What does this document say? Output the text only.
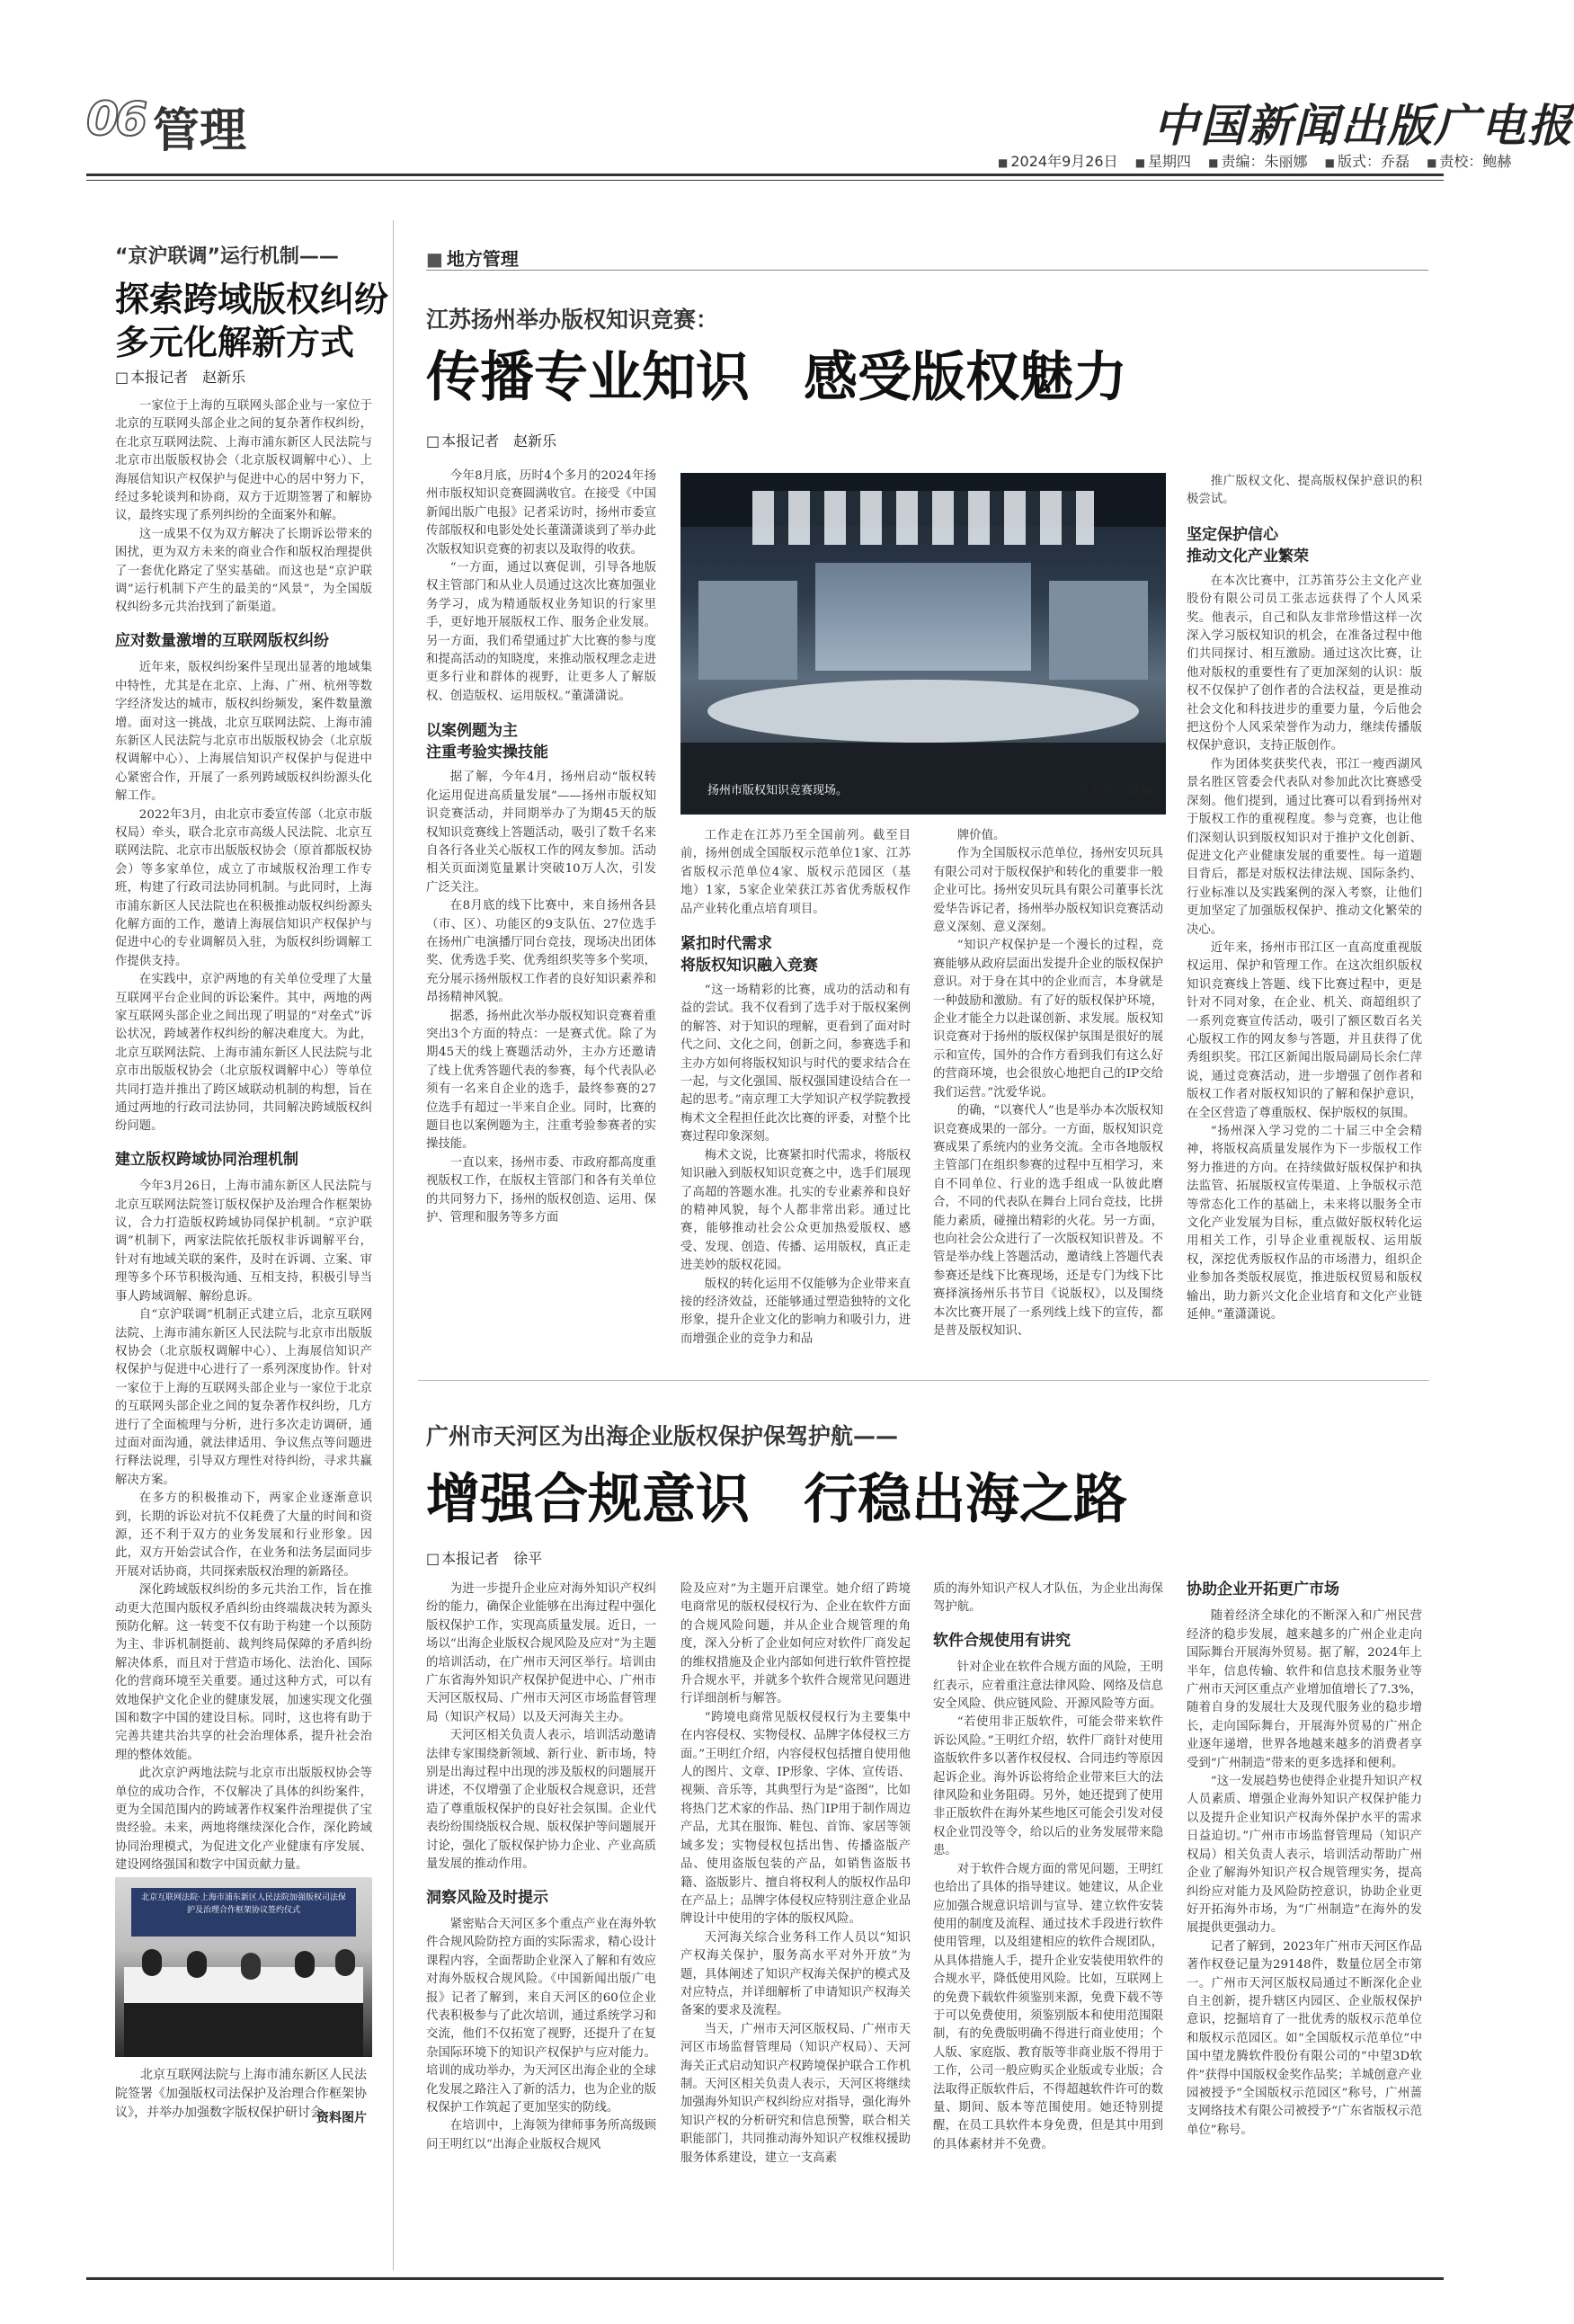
06 管理	中国新闻出版广电报
■ 2024年9月26日 ■ 星期四 ■ 责编：朱丽娜 ■ 版式：乔磊 ■ 责校：鲍赫
“京沪联调”运行机制——
探索跨域版权纠纷
多元化解新方式
□ 本报记者　赵新乐

一家位于上海的互联网头部企业与一家位于北京的互联网头部企业之间的复杂著作权纠纷，在北京互联网法院、上海市浦东新区人民法院与北京市出版版权协会（北京版权调解中心）、上海展信知识产权保护与促进中心的居中努力下，经过多轮谈判和协商，双方于近期签署了和解协议，最终实现了系列纠纷的全面案外和解。

这一成果不仅为双方解决了长期诉讼带来的困扰，更为双方未来的商业合作和版权治理提供了一套优化路定了坚实基础。而这也是“京沪联调”运行机制下产生的最美的“风景”，为全国版权纠纷多元共治找到了新渠道。

应对数量激增的互联网版权纠纷

近年来，版权纠纷案件呈现出显著的地域集中特性，尤其是在北京、上海、广州、杭州等数字经济发达的城市，版权纠纷频发，案件数量激增。面对这一挑战，北京互联网法院、上海市浦东新区人民法院与北京市出版版权协会（北京版权调解中心）、上海展信知识产权保护与促进中心紧密合作，开展了一系列跨域版权纠纷源头化解工作。

2022年3月，由北京市委宣传部（北京市版权局）牵头，联合北京市高级人民法院、北京互联网法院、北京市出版版权协会（原首都版权协会）等多家单位，成立了市域版权治理工作专班，构建了行政司法协同机制。与此同时，上海市浦东新区人民法院也在积极推动版权纠纷源头化解方面的工作，邀请上海展信知识产权保护与促进中心的专业调解员入驻，为版权纠纷调解工作提供支持。

在实践中，京沪两地的有关单位受理了大量互联网平台企业间的诉讼案件。其中，两地的两家互联网头部企业之间出现了明显的“对垒式”诉讼状况，跨域著作权纠纷的解决难度大。为此，北京互联网法院、上海市浦东新区人民法院与北京市出版版权协会（北京版权调解中心）等单位共同打造并推出了跨区域联动机制的构想，旨在通过两地的行政司法协同，共同解决跨域版权纠纷问题。

建立版权跨域协同治理机制

今年3月26日，上海市浦东新区人民法院与北京互联网法院签订版权保护及治理合作框架协议，合力打造版权跨域协同保护机制。“京沪联调”机制下，两家法院依托版权非诉调解平台，针对有地域关联的案件，及时在诉调、立案、审理等多个环节积极沟通、互相支持，积极引导当事人跨域调解、解纷息诉。

自“京沪联调”机制正式建立后，北京互联网法院、上海市浦东新区人民法院与北京市出版版权协会（北京版权调解中心）、上海展信知识产权保护与促进中心进行了一系列深度协作。针对一家位于上海的互联网头部企业与一家位于北京的互联网头部企业之间的复杂著作权纠纷，几方进行了全面梳理与分析，进行多次走访调研，通过面对面沟通，就法律适用、争议焦点等问题进行释法说理，引导双方理性对待纠纷，寻求共赢解决方案。

在多方的积极推动下，两家企业逐渐意识到，长期的诉讼对抗不仅耗费了大量的时间和资源，还不利于双方的业务发展和行业形象。因此，双方开始尝试合作，在业务和法务层面同步开展对话协商，共同探索版权治理的新路径。

深化跨域版权纠纷的多元共治工作，旨在推动更大范围内版权矛盾纠纷由终端裁决转为源头预防化解。这一转变不仅有助于构建一个以预防为主、非诉机制挺前、裁判终局保障的矛盾纠纷解决体系，而且对于营造市场化、法治化、国际化的营商环境至关重要。通过这种方式，可以有效地保护文化企业的健康发展，加速实现文化强国和数字中国的建设目标。同时，这也将有助于完善共建共治共享的社会治理体系，提升社会治理的整体效能。

此次京沪两地法院与北京市出版版权协会等单位的成功合作，不仅解决了具体的纠纷案件，更为全国范围内的跨域著作权案件治理提供了宝贵经验。未来，两地将继续深化合作，深化跨域协同治理模式，为促进文化产业健康有序发展、建设网络强国和数字中国贡献力量。

北京互联网法院·上海市浦东新区人民法院加强版权司法保护及治理合作框架协议签约仪式
北京互联网法院与上海市浦东新区人民法院签署《加强版权司法保护及治理合作框架协议》，并举办加强数字版权保护研讨会。
资料图片
■ 地方管理
江苏扬州举办版权知识竞赛：
传播专业知识　感受版权魅力
□ 本报记者　赵新乐

今年8月底，历时4个多月的2024年扬州市版权知识竞赛圆满收官。在接受《中国新闻出版广电报》记者采访时，扬州市委宣传部版权和电影处处长董潇潇谈到了举办此次版权知识竞赛的初衷以及取得的收获。

“一方面，通过以赛促训，引导各地版权主管部门和从业人员通过这次比赛加强业务学习，成为精通版权业务知识的行家里手，更好地开展版权工作、服务企业发展。另一方面，我们希望通过扩大比赛的参与度和提高活动的知晓度，来推动版权理念走进更多行业和群体的视野，让更多人了解版权、创造版权、运用版权。”董潇潇说。

以案例题为主
注重考验实操技能

据了解，今年4月，扬州启动“版权转化运用促进高质量发展”——扬州市版权知识竞赛活动，并同期举办了为期45天的版权知识竞赛线上答题活动，吸引了数千名来自各行各业关心版权工作的网友参加。活动相关页面浏览量累计突破10万人次，引发广泛关注。

在8月底的线下比赛中，来自扬州各县（市、区）、功能区的9支队伍、27位选手在扬州广电演播厅同台竞技，现场决出团体奖、优秀选手奖、优秀组织奖等多个奖项，充分展示扬州版权工作者的良好知识素养和昂扬精神风貌。

据悉，扬州此次举办版权知识竞赛着重突出3个方面的特点：一是赛式优。除了为期45天的线上赛题活动外，主办方还邀请了线上优秀答题代表的参赛，每个代表队必须有一名来自企业的选手，最终参赛的27位选手有超过一半来自企业。同时，比赛的题目也以案例题为主，注重考验参赛者的实操技能。

一直以来，扬州市委、市政府都高度重视版权工作，在版权主管部门和各有关单位的共同努力下，扬州的版权创造、运用、保护、管理和服务等多方面

扬州市版权知识竞赛现场。	主办方　供图

工作走在江苏乃至全国前列。截至目前，扬州创成全国版权示范单位1家、江苏省版权示范单位4家、版权示范园区（基地）1家，5家企业荣获江苏省优秀版权作品产业转化重点培育项目。

紧扣时代需求
将版权知识融入竞赛

“这一场精彩的比赛，成功的活动和有益的尝试。我不仅看到了选手对于版权案例的解答、对于知识的理解，更看到了面对时代之问、文化之问，创新之问，参赛选手和主办方如何将版权知识与时代的要求结合在一起，与文化强国、版权强国建设结合在一起的思考。”南京理工大学知识产权学院教授梅术文全程担任此次比赛的评委，对整个比赛过程印象深刻。

梅术文说，比赛紧扣时代需求，将版权知识融入到版权知识竞赛之中，选手们展现了高超的答题水准。扎实的专业素养和良好的精神风貌，每个人都非常出彩。通过比赛，能够推动社会公众更加热爱版权、感受、发现、创造、传播、运用版权，真正走进美妙的版权花园。

版权的转化运用不仅能够为企业带来直接的经济效益，还能够通过塑造独特的文化形象，提升企业文化的影响力和吸引力，进而增强企业的竞争力和品

牌价值。

作为全国版权示范单位，扬州安贝玩具有限公司对于版权保护和转化的重要非一般企业可比。扬州安贝玩具有限公司董事长沈爱华告诉记者，扬州举办版权知识竞赛活动意义深刻、意义深刻。

“知识产权保护是一个漫长的过程，竞赛能够从政府层面出发提升企业的版权保护意识。对于身在其中的企业而言，本身就是一种鼓励和激励。有了好的版权保护环境，企业才能全力以赴谋创新、求发展。版权知识竞赛对于扬州的版权保护氛围是很好的展示和宣传，国外的合作方看到我们有这么好的营商环境，也会很放心地把自己的IP交给我们运营。”沈爱华说。

的确，“以赛代人”也是举办本次版权知识竞赛成果的一部分。一方面，版权知识竞赛成果了系统内的业务交流。全市各地版权主管部门在组织参赛的过程中互相学习，来自不同单位、行业的选手组成一队彼此磨合，不同的代表队在舞台上同台竞技，比拼能力素质，碰撞出精彩的火花。另一方面，也向社会公众进行了一次版权知识普及。不管是举办线上答题活动，邀请线上答题代表参赛还是线下比赛现场，还是专门为线下比赛择演扬州乐书节目《说版权》，以及围绕本次比赛开展了一系列线上线下的宣传，都是普及版权知识、

推广版权文化、提高版权保护意识的积极尝试。

坚定保护信心
推动文化产业繁荣

在本次比赛中，江苏笛芬公主文化产业股份有限公司员工张志远获得了个人风采奖。他表示，自己和队友非常珍惜这样一次深入学习版权知识的机会，在准备过程中他们共同探讨、相互激励。通过这次比赛，让他对版权的重要性有了更加深刻的认识：版权不仅保护了创作者的合法权益，更是推动社会文化和科技进步的重要力量，今后他会把这份个人风采荣誉作为动力，继续传播版权保护意识，支持正版创作。

作为团体奖获奖代表，邗江一瘦西湖风景名胜区管委会代表队对参加此次比赛感受深刻。他们提到，通过比赛可以看到扬州对于版权工作的重视程度。参与竞赛，也让他们深刻认识到版权知识对于推护文化创新、促进文化产业健康发展的重要性。每一道题目背后，都是对版权法律法规、国际条约、行业标准以及实践案例的深入考察，让他们更加坚定了加强版权保护、推动文化繁荣的决心。

近年来，扬州市邗江区一直高度重视版权运用、保护和管理工作。在这次组织版权知识竞赛线上答题、线下比赛过程中，更是针对不同对象，在企业、机关、商超组织了一系列竞赛宣传活动，吸引了额区数百名关心版权工作的网友参与答题，并且获得了优秀组织奖。邗江区新闻出版局副局长余仁萍说，通过竞赛活动，进一步增强了创作者和版权工作者对版权知识的了解和保护意识，在全区营造了尊重版权、保护版权的氛围。

“扬州深入学习党的二十届三中全会精神，将版权高质量发展作为下一步版权工作努力推进的方向。在持续做好版权保护和执法监管、拓展版权宣传渠道、上争版权示范等常态化工作的基础上，未来将以服务全市文化产业发展为目标，重点做好版权转化运用相关工作，引导企业重视版权、运用版权，深挖优秀版权作品的市场潜力，组织企业参加各类版权展览，推进版权贸易和版权输出，助力新兴文化企业培育和文化产业链延伸。”董潇潇说。

广州市天河区为出海企业版权保护保驾护航——
增强合规意识　行稳出海之路
□ 本报记者　徐平

为进一步提升企业应对海外知识产权纠纷的能力，确保企业能够在出海过程中强化版权保护工作，实现高质量发展。近日，一场以“出海企业版权合规风险及应对”为主题的培训活动，在广州市天河区举行。培训由广东省海外知识产权保护促进中心、广州市天河区版权局、广州市天河区市场监督管理局（知识产权局）以及天河海关主办。

天河区相关负责人表示，培训活动邀请法律专家围绕新领域、新行业、新市场，特别是出海过程中出现的涉及版权的问题展开讲述，不仅增强了企业版权合规意识，还营造了尊重版权保护的良好社会氛围。企业代表纷纷围绕版权合规、版权保护等问题展开讨论，强化了版权保护协力企业、产业高质量发展的推动作用。

洞察风险及时提示

紧密贴合天河区多个重点产业在海外软件合规风险防控方面的实际需求，精心设计课程内容，全面帮助企业深入了解和有效应对海外版权合规风险。《中国新闻出版广电报》记者了解到，来自天河区的60位企业代表积极参与了此次培训，通过系统学习和交流，他们不仅拓宽了视野，还提升了在复杂国际环境下的知识产权保护与应对能力。培训的成功举办，为天河区出海企业的全球化发展之路注入了新的活力，也为企业的版权保护工作筑起了更加坚实的防线。

在培训中，上海领为律师事务所高级顾问王明红以“出海企业版权合规风

险及应对”为主题开启课堂。她介绍了跨境电商常见的版权侵权行为、企业在软件方面的合规风险问题，并从企业合规管理的角度，深入分析了企业如何应对软件厂商发起的维权措施及企业内部如何进行软件管控提升合规水平，并就多个软件合规常见问题进行详细剖析与解答。

“跨境电商常见版权侵权行为主要集中在内容侵权、实物侵权、品牌字体侵权三方面。”王明红介绍，内容侵权包括擅自使用他人的图片、文章、IP形象、字体、宣传语、视频、音乐等，其典型行为是“盗图”，比如将热门艺术家的作品、热门IP用于制作周边产品，尤其在服饰、鞋包、首饰、家居等领域多发；实物侵权包括出售、传播盗版产品、使用盗版包装的产品，如销售盗版书籍、盗版影片、擅自将权利人的版权作品印在产品上；品牌字体侵权应特别注意企业品牌设计中使用的字体的版权风险。

天河海关综合业务科工作人员以“知识产权海关保护，服务高水平对外开放”为题，具体阐述了知识产权海关保护的模式及对应特点，并详细解析了申请知识产权海关备案的要求及流程。

当天，广州市天河区版权局、广州市天河区市场监督管理局（知识产权局）、天河海关正式启动知识产权跨境保护联合工作机制。天河区相关负责人表示，天河区将继续加强海外知识产权纠纷应对指导，强化海外知识产权的分析研究和信息预警，联合相关职能部门，共同推动海外知识产权维权援助服务体系建设，建立一支高素

质的海外知识产权人才队伍，为企业出海保驾护航。

软件合规使用有讲究

针对企业在软件合规方面的风险，王明红表示，应着重注意法律风险、网络及信息安全风险、供应链风险、开源风险等方面。

“若使用非正版软件，可能会带来软件诉讼风险。”王明红介绍，软件厂商针对使用盗版软件多以著作权侵权、合同违约等原因起诉企业。海外诉讼将给企业带来巨大的法律风险和业务阻碍。另外，她还提到了使用非正版软件在海外某些地区可能会引发对侵权企业罚没等令，给以后的业务发展带来隐患。

对于软件合规方面的常见问题，王明红也给出了具体的指导建议。她建议，从企业应加强合规意识培训与宣导、建立软件安装使用的制度及流程、通过技术手段进行软件使用管理，以及组建相应的软件合规团队，从具体措施人手，提升企业安装使用软件的合规水平，降低使用风险。比如，互联网上的免费下载软件须鉴别来源，免费下载不等于可以免费使用，须鉴别版本和使用范围限制，有的免费版明确不得进行商业使用；个人版、家庭版、教育版等非商业版不得用于工作，公司一般应购买企业版或专业版；合法取得正版软件后，不得超越软件许可的数量、期间、版本等范围使用。她还特别提醒，在员工具软件本身免费，但是其中用到的具体素材并不免费。

协助企业开拓更广市场

随着经济全球化的不断深入和广州民营经济的稳步发展，越来越多的广州企业走向国际舞台开展海外贸易。据了解，2024年上半年，信息传输、软件和信息技术服务业等广州市天河区重点产业增加值增长了7.3%，随着自身的发展壮大及现代服务业的稳步增长，走向国际舞台，开展海外贸易的广州企业逐年递增，世界各地越来越多的消费者享受到“广州制造”带来的更多选择和便利。

“这一发展趋势也使得企业提升知识产权人员素质、增强企业海外知识产权保护能力以及提升企业知识产权海外保护水平的需求日益迫切。”广州市市场监督管理局（知识产权局）相关负责人表示，培训活动帮助广州企业了解海外知识产权合规管理实务，提高纠纷应对能力及风险防控意识，协助企业更好开拓海外市场，为“广州制造”在海外的发展提供更强动力。

记者了解到，2023年广州市天河区作品著作权登记量为29148件，数量位居全市第一。广州市天河区版权局通过不断深化企业自主创新，提升辖区内园区、企业版权保护意识，挖掘培育了一批优秀的版权示范单位和版权示范园区。如“全国版权示范单位”中国中望龙腾软件股份有限公司的“中望3D软件”获得中国版权金奖作品奖；羊城创意产业园被授予“全国版权示范园区”称号，广州蔷支网络技术有限公司被授予“广东省版权示范单位”称号。
